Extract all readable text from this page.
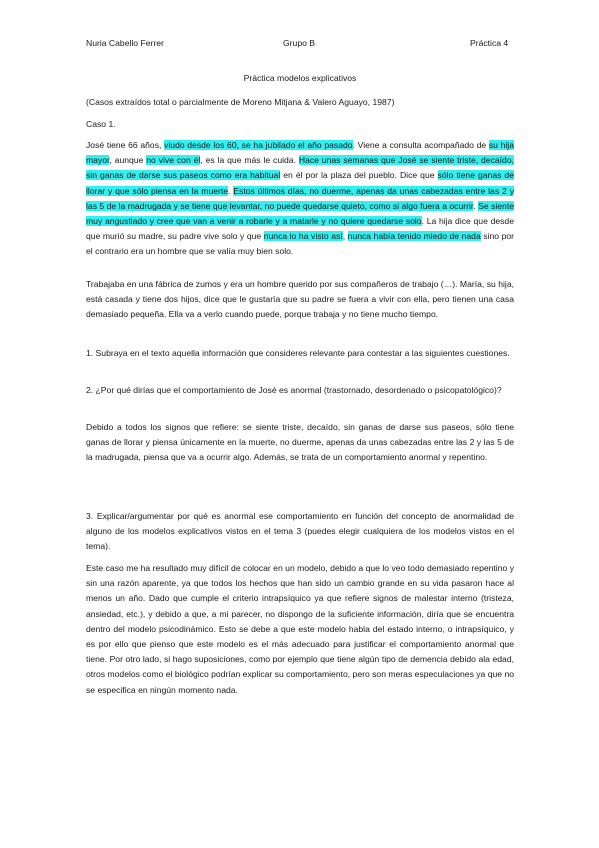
Nuria Cabello Ferrer	Grupo B	Práctica 4
Práctica modelos explicativos

(Casos extraídos total o parcialmente de Moreno Mitjana & Valero Aguayo, 1987)

Caso 1.

José tiene 66 años, viudo desde los 60, se ha jubilado el año pasado. Viene a consulta acompañado de su hija mayor, aunque no vive con él, es la que más le cuida. Hace unas semanas que José se siente triste, decaído, sin ganas de darse sus paseos como era habitual en él por la plaza del pueblo. Dice que sólo tiene ganas de llorar y que sólo piensa en la muerte. Estos últimos días, no duerme, apenas da unas cabezadas entre las 2 y las 5 de la madrugada y se tiene que levantar, no puede quedarse quieto, como si algo fuera a ocurrir. Se siente muy angustiado y cree que van a venir a robarle y a matarle y no quiere quedarse solo. La hija dice que desde que murió su madre, su padre vive solo y que nunca lo ha visto así, nunca había tenido miedo de nada sino por el contrario era un hombre que se valía muy bien solo.

Trabajaba en una fábrica de zumos y era un hombre querido por sus compañeros de trabajo (…). María, su hija, está casada y tiene dos hijos, dice que le gustaría que su padre se fuera a vivir con ella, pero tienen una casa demasiado pequeña. Ella va a verlo cuando puede, porque trabaja y no tiene mucho tiempo.

1. Subraya en el texto aquella información que consideres relevante para contestar a las siguientes cuestiones.

2. ¿Por qué dirías que el comportamiento de José es anormal (trastornado, desordenado o psicopatológico)?

Debido a todos los signos que refiere: se siente triste, decaído, sin ganas de darse sus paseos, sólo tiene ganas de llorar y piensa únicamente en la muerte, no duerme, apenas da unas cabezadas entre las 2 y las 5 de la madrugada, piensa que va a ocurrir algo. Además, se trata de un comportamiento anormal y repentino.

3. Explicar/argumentar por qué es anormal ese comportamiento en función del concepto de anormalidad de alguno de los modelos explicativos vistos en el tema 3 (puedes elegir cualquiera de los modelos vistos en el tema).

Este caso me ha resultado muy difícil de colocar en un modelo, debido a que lo veo todo demasiado repentino y sin una razón aparente, ya que todos los hechos que han sido un cambio grande en su vida pasaron hace al menos un año. Dado que cumple el criterio intrapsíquico ya que refiere signos de malestar interno (tristeza, ansiedad, etc.), y debido a que, a mi parecer, no dispongo de la suficiente información, diría que se encuentra dentro del modelo psicodinámico. Esto se debe a que este modelo habla del estado interno, o intrapsíquico, y es por ello que pienso que este modelo es el más adecuado para justificar el comportamiento anormal que tiene. Por otro lado, si hago suposiciones, como por ejemplo que tiene algún tipo de demencia debido ala edad, otros modelos como el biológico podrían explicar su comportamiento, pero son meras especulaciones ya que no se especifica en ningún momento nada.
